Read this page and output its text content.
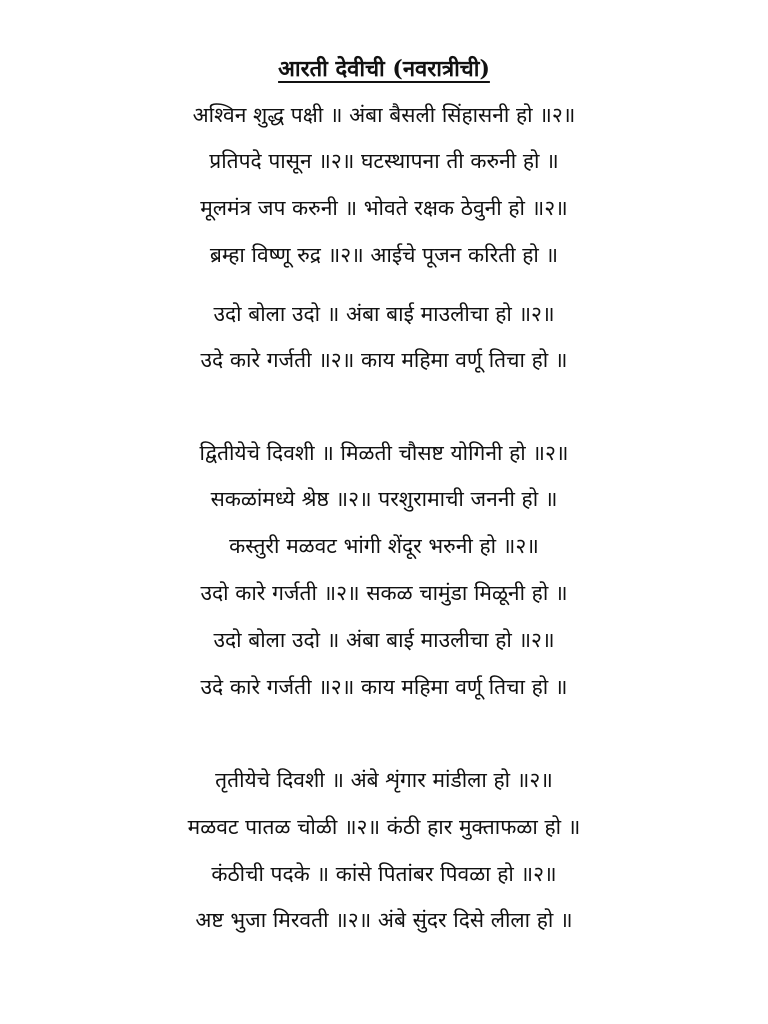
आरती देवीची (नवरात्रीची)
अश्विन शुद्ध पक्षी ॥ अंबा बैसली सिंहासनी हो ॥२॥
प्रतिपदे पासून ॥२॥ घटस्थापना ती करुनी हो ॥
मूलमंत्र जप करुनी ॥ भोवते रक्षक ठेवुनी हो ॥२॥
ब्रम्हा विष्णू रुद्र ॥२॥ आईचे पूजन करिती हो ॥
उदो बोला उदो ॥ अंबा बाई माउलीचा हो ॥२॥
उदे कारे गर्जती ॥२॥ काय महिमा वर्णू तिचा हो ॥
द्वितीयेचे दिवशी ॥ मिळती चौसष्ट योगिनी हो ॥२॥
सकळांमध्ये श्रेष्ठ ॥२॥ परशुरामाची जननी हो ॥
कस्तुरी मळवट भांगी शेंदूर भरुनी हो ॥२॥
उदो कारे गर्जती ॥२॥ सकळ चामुंडा मिळूनी हो ॥
उदो बोला उदो ॥ अंबा बाई माउलीचा हो ॥२॥
उदे कारे गर्जती ॥२॥ काय महिमा वर्णू तिचा हो ॥
तृतीयेचे दिवशी ॥ अंबे शृंगार मांडीला हो ॥२॥
मळवट पातळ चोळी ॥२॥ कंठी हार मुक्ताफळा हो ॥
कंठीची पदके ॥ कांसे पितांबर पिवळा हो ॥२॥
अष्ट भुजा मिरवती ॥२॥ अंबे सुंदर दिसे लीला हो ॥
